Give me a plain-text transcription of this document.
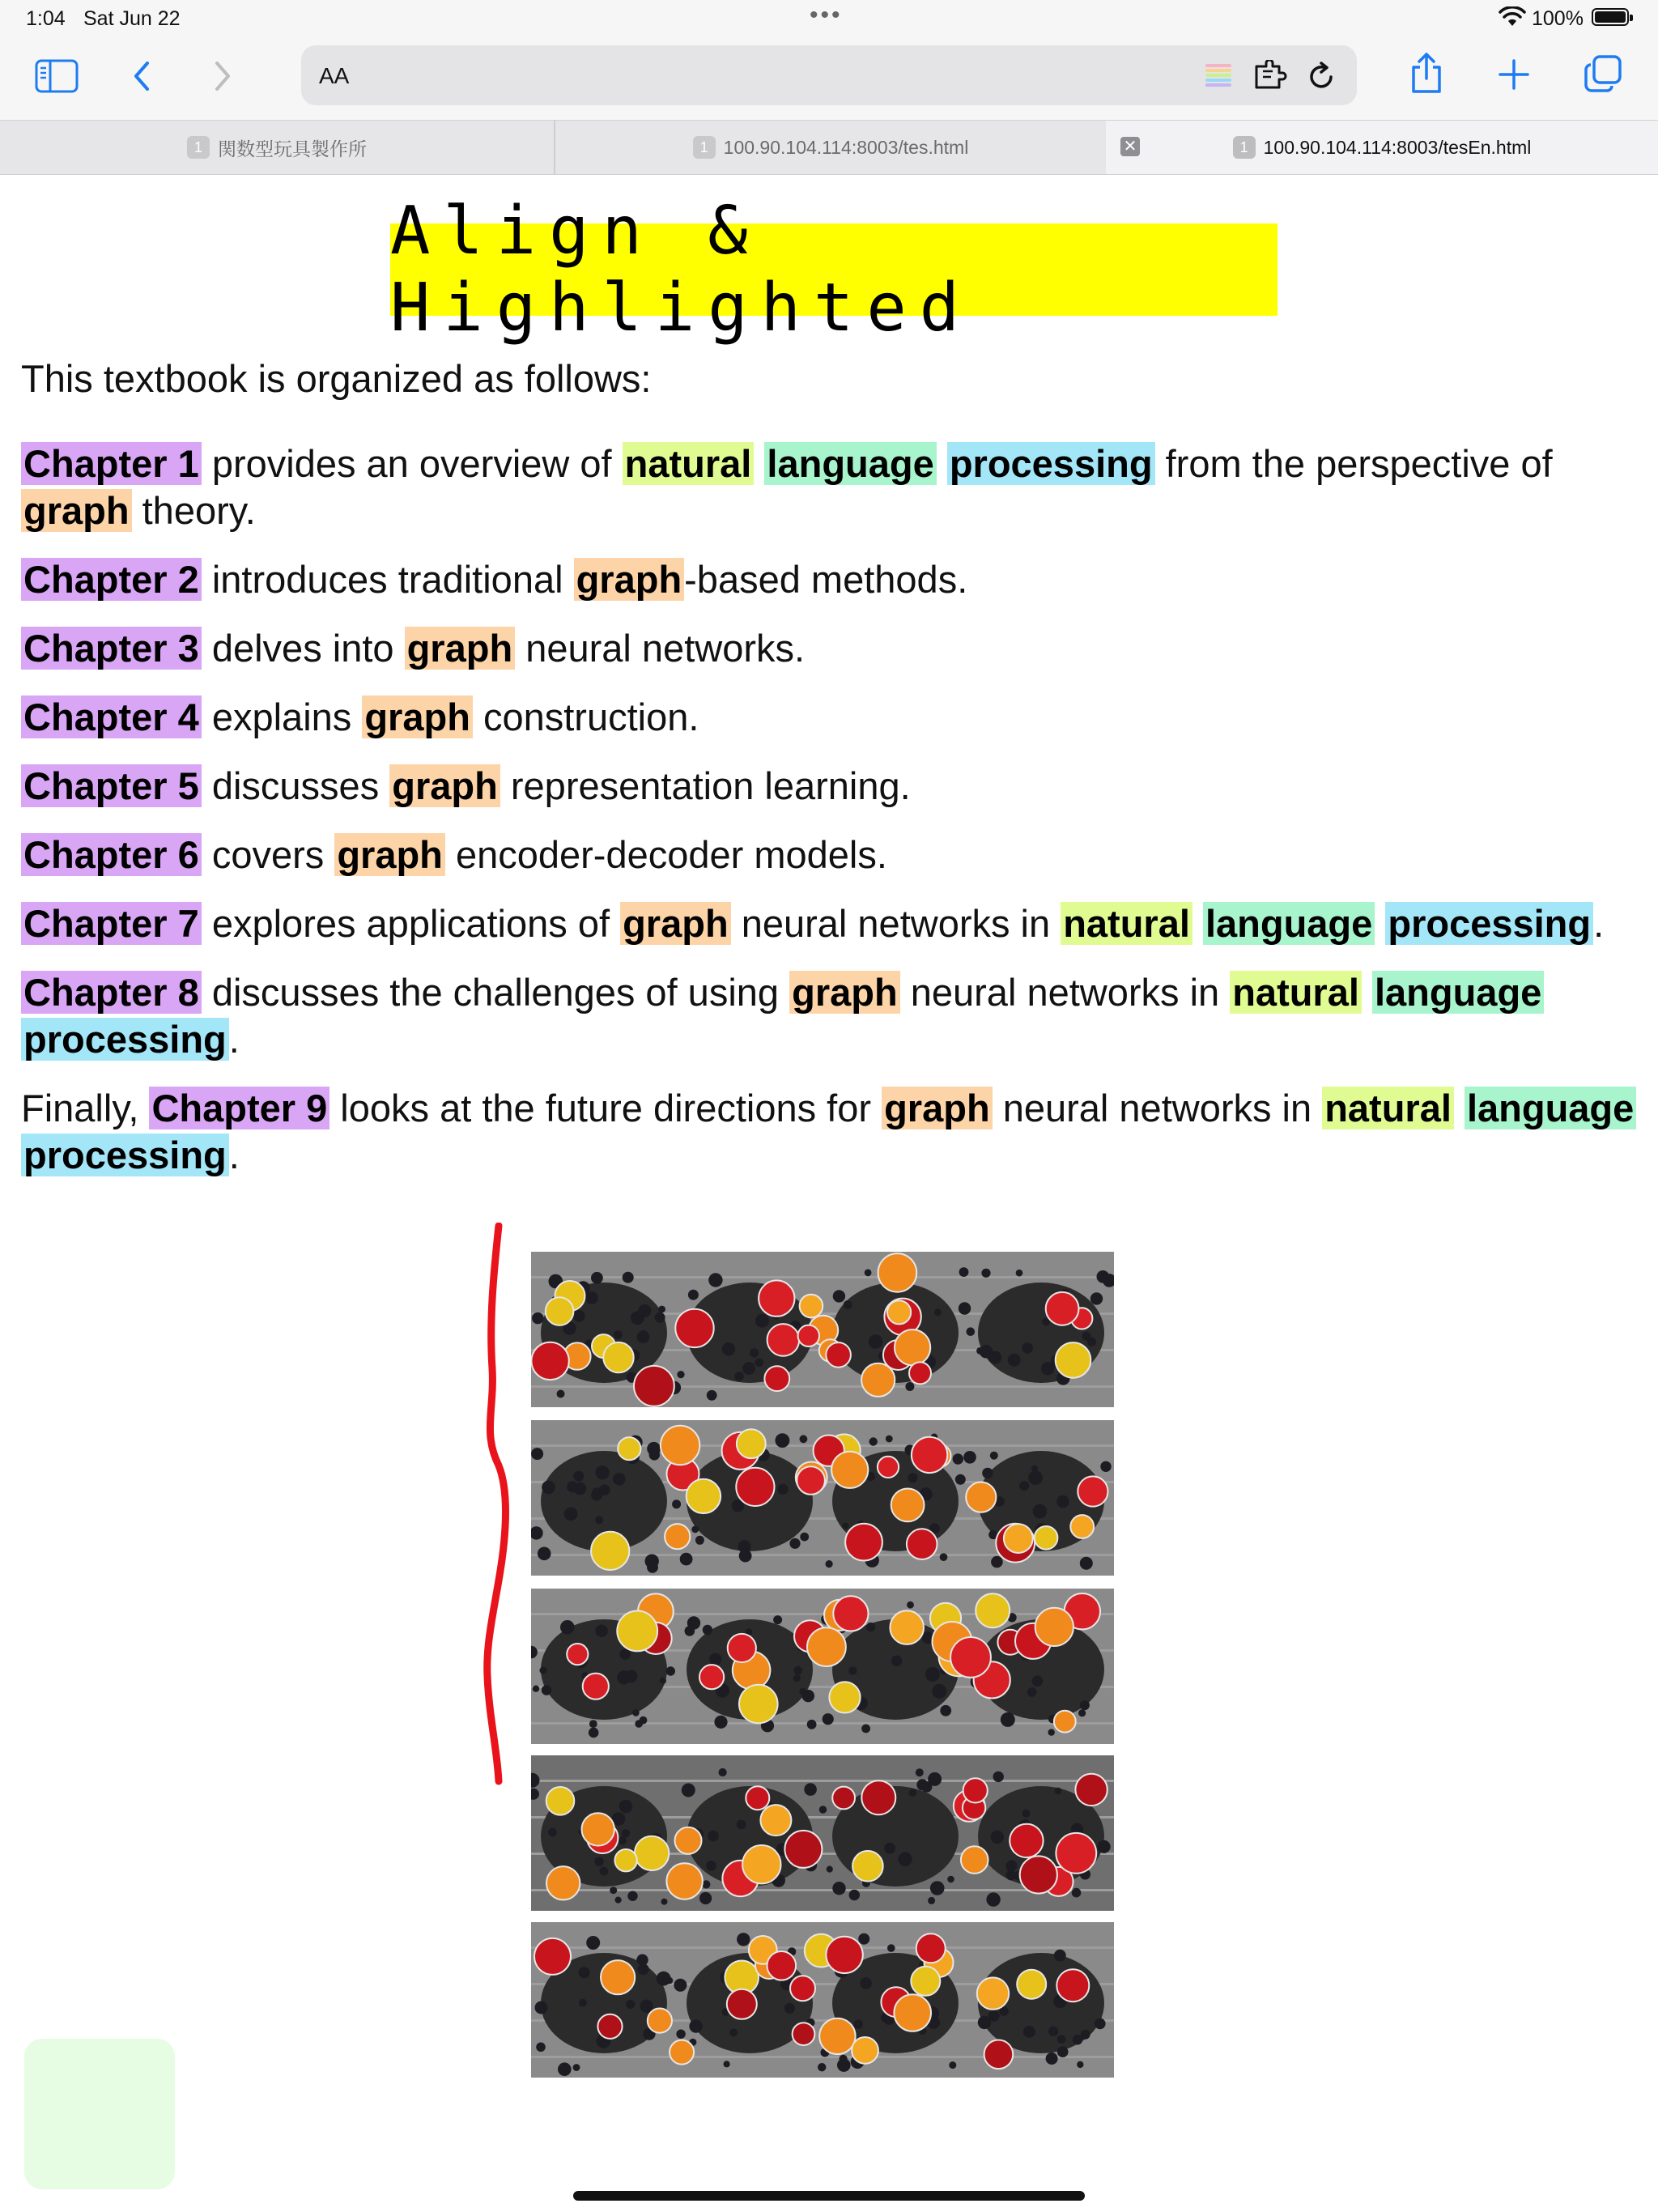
1:04 Sat Jun 22	•••	100%
AA
1 関数型玩具製作所	1 100.90.104.114:8003/tes.html	1 100.90.104.114:8003/tesEn.html
✕
Align & Highlighted
This textbook is organized as follows:

Chapter 1 provides an overview of natural language processing from the perspective of graph theory.

Chapter 2 introduces traditional graph-based methods.

Chapter 3 delves into graph neural networks.

Chapter 4 explains graph construction.

Chapter 5 discusses graph representation learning.

Chapter 6 covers graph encoder-decoder models.

Chapter 7 explores applications of graph neural networks in natural language processing.

Chapter 8 discusses the challenges of using graph neural networks in natural language processing.

Finally, Chapter 9 looks at the future directions for graph neural networks in natural language processing.
